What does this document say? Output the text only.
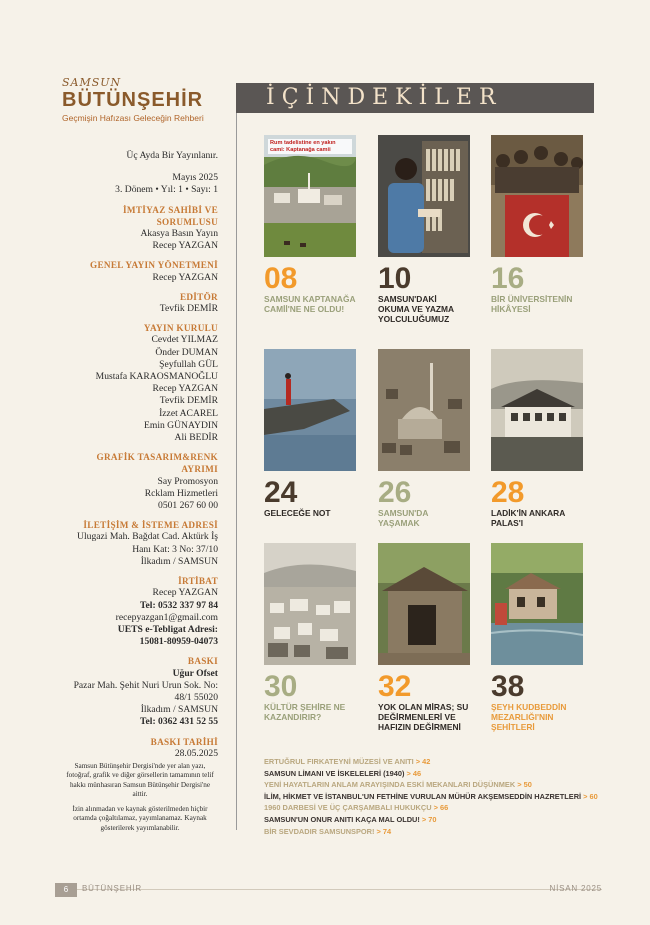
SAMSUN
BÜTÜNŞEHİR
Geçmişin Hafızası Geleceğin Rehberi
Üç Ayda Bir Yayınlanır.
Mayıs 2025
3. Dönem • Yıl: 1 • Sayı: 1
İMTİYAZ SAHİBİ VE SORUMLUSU
Akasya Basın Yayın
Recep YAZGAN
GENEL YAYIN YÖNETMENİ
Recep YAZGAN
EDİTÖR
Tevfik DEMİR
YAYIN KURULU
Cevdet YILMAZ
Önder DUMAN
Şeyfullah GÜL
Mustafa KARAOSMANOĞLU
Recep YAZGAN
Tevfik DEMİR
İzzet ACAREL
Emin GÜNAYDIN
Ali BEDİR
GRAFİK TASARIM&RENK AYRIMI
Say Promosyon
Rcklam Hizmetleri
0501 267 60 00
İLETİŞİM & İSTEME ADRESİ
Ulugazi Mah. Bağdat Cad. Aktürk İş
Hanı Kat: 3 No: 37/10
İlkadım / SAMSUN
İRTİBAT
Recep YAZGAN
Tel: 0532 337 97 84
recepyazgan1@gmail.com
UETS e-Tebligat Adresi:
15081-80959-04073
BASKI
Uğur Ofset
Pazar Mah. Şehit Nuri Urun Sok. No:
48/1 55020
İlkadım / SAMSUN
Tel: 0362 431 52 55
BASKI TARİHİ
28.05.2025

Samsun Bütünşehir Dergisi'nde yer alan yazı, fotoğraf, grafik ve diğer görsellerin tamamının telif hakkı münhasıran Samsun Bütünşehir Dergisi'ne aittir.

İzin alınmadan ve kaynak gösterilmeden hiçbir ortamda çoğaltılamaz, yayımlanamaz. Kaynak gösterilerek yayımlanabilir.

İÇİNDEKİLER
Rum tadelistine en yakın cami: Kaptanağa camii
08
SAMSUN KAPTANAĞA CAMİİ'NE NE OLDU!
10
SAMSUN'DAKİ OKUMA VE YAZMA YOLCULUĞUMUZ
16
BİR ÜNİVERSİTENİN HİKÂYESİ
24
GELECEĞE NOT
26
SAMSUN'DA YAŞAMAK
28
LADİK'İN ANKARA PALAS'I
30
KÜLTÜR ŞEHİRE NE KAZANDIRIR?
32
YOK OLAN MİRAS; SU DEĞİRMENLERİ VE HAFIZIN DEĞİRMENİ
38
ŞEYH KUDBEDDİN MEZARLIĞI'NIN ŞEHİTLERİ
ERTUĞRUL FIRKATEYNİ MÜZESİ VE ANITI > 42
SAMSUN LİMANI VE İSKELELERİ (1940) > 46
YENİ HAYATLARIN ANLAM ARAYIŞINDA ESKİ MEKANLARI DÜŞÜNMEK > 50
İLİM, HİKMET VE İSTANBUL'UN FETHİNE VURULAN MÜHÜR AKŞEMSEDDİN HAZRETLERİ > 60
1960 DARBESİ VE ÜÇ ÇARŞAMBALI HUKUKÇU > 66
SAMSUN'UN ONUR ANITI KAÇA MAL OLDU! > 70
BİR SEVDADIR SAMSUNSPOR! > 74
6	BÜTÜNŞEHİR	NİSAN 2025
